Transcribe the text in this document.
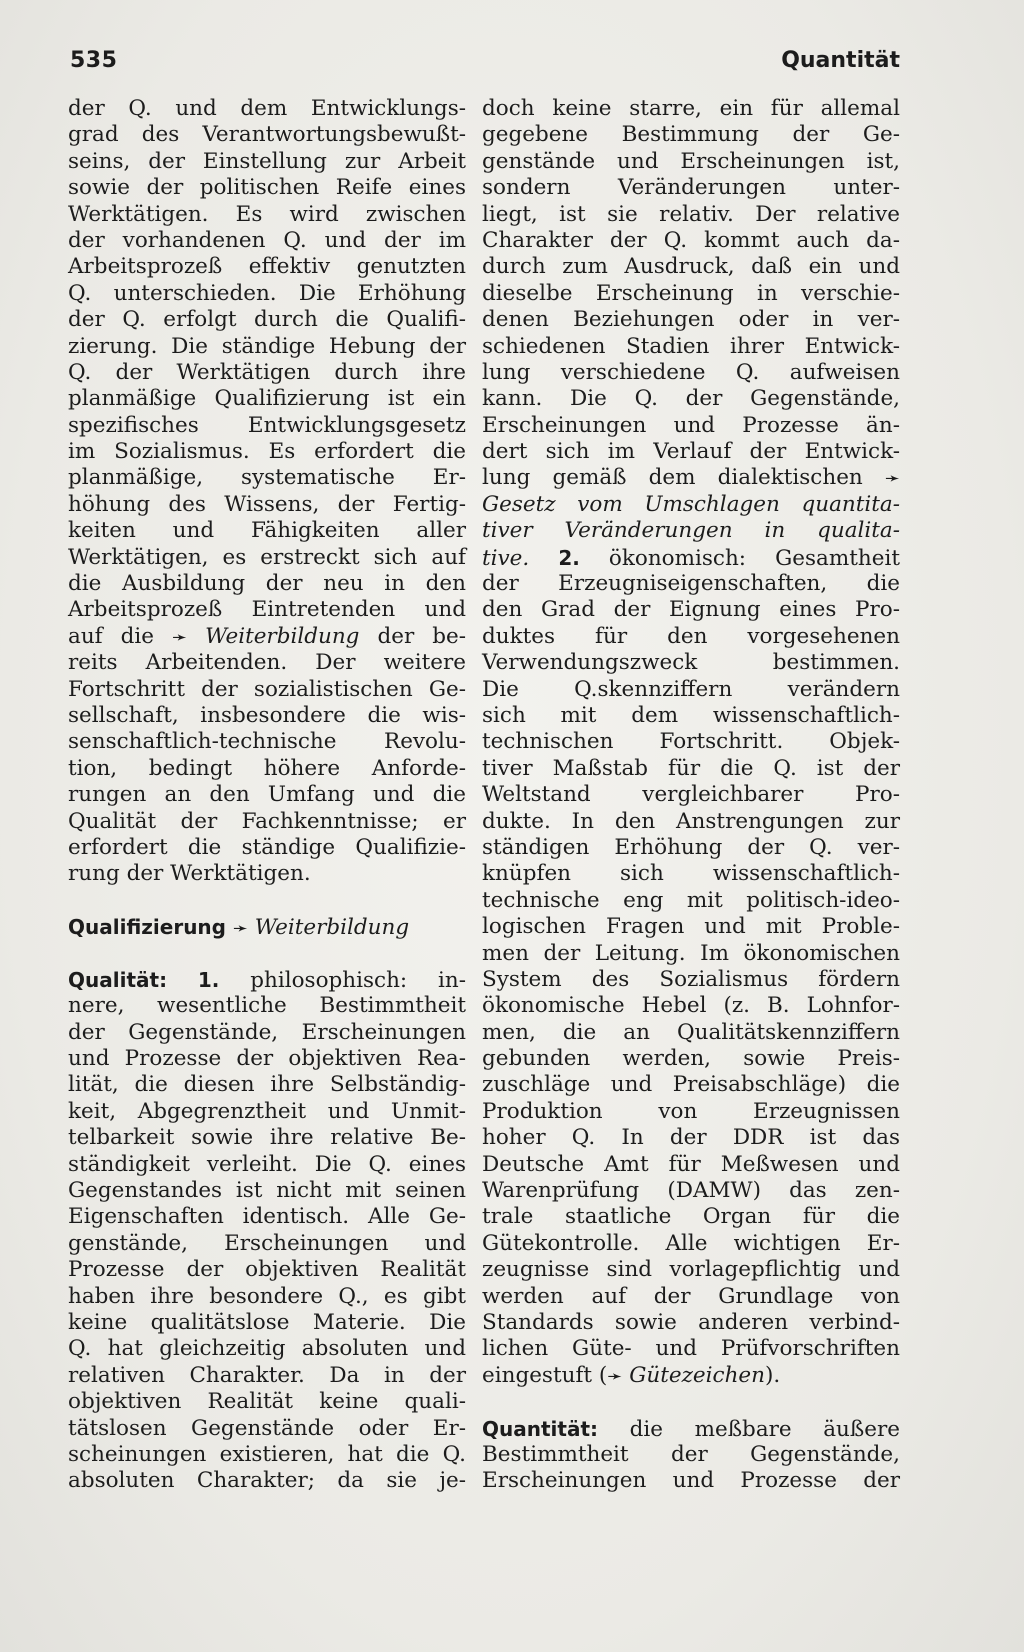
535	Quantität
der Q. und dem Entwicklungs-
grad des Verantwortungsbewußt-
seins, der Einstellung zur Arbeit
sowie der politischen Reife eines
Werktätigen. Es wird zwischen
der vorhandenen Q. und der im
Arbeitsprozeß effektiv genutzten
Q. unterschieden. Die Erhöhung
der Q. erfolgt durch die Qualifi-
zierung. Die ständige Hebung der
Q. der Werktätigen durch ihre
planmäßige Qualifizierung ist ein
spezifisches Entwicklungsgesetz
im Sozialismus. Es erfordert die
planmäßige, systematische Er-
höhung des Wissens, der Fertig-
keiten und Fähigkeiten aller
Werktätigen, es erstreckt sich auf
die Ausbildung der neu in den
Arbeitsprozeß Eintretenden und
auf die ➛ Weiterbildung der be-
reits Arbeitenden. Der weitere
Fortschritt der sozialistischen Ge-
sellschaft, insbesondere die wis-
senschaftlich-technische Revolu-
tion, bedingt höhere Anforde-
rungen an den Umfang und die
Qualität der Fachkenntnisse; er
erfordert die ständige Qualifizie-
rung der Werktätigen.
Qualifizierung ➛ Weiterbildung
Qualität: 1. philosophisch: in-
nere, wesentliche Bestimmtheit
der Gegenstände, Erscheinungen
und Prozesse der objektiven Rea-
lität, die diesen ihre Selbständig-
keit, Abgegrenztheit und Unmit-
telbarkeit sowie ihre relative Be-
ständigkeit verleiht. Die Q. eines
Gegenstandes ist nicht mit seinen
Eigenschaften identisch. Alle Ge-
genstände, Erscheinungen und
Prozesse der objektiven Realität
haben ihre besondere Q., es gibt
keine qualitätslose Materie. Die
Q. hat gleichzeitig absoluten und
relativen Charakter. Da in der
objektiven Realität keine quali-
tätslosen Gegenstände oder Er-
scheinungen existieren, hat die Q.
absoluten Charakter; da sie je-
doch keine starre, ein für allemal
gegebene Bestimmung der Ge-
genstände und Erscheinungen ist,
sondern Veränderungen unter-
liegt, ist sie relativ. Der relative
Charakter der Q. kommt auch da-
durch zum Ausdruck, daß ein und
dieselbe Erscheinung in verschie-
denen Beziehungen oder in ver-
schiedenen Stadien ihrer Entwick-
lung verschiedene Q. aufweisen
kann. Die Q. der Gegenstände,
Erscheinungen und Prozesse än-
dert sich im Verlauf der Entwick-
lung gemäß dem dialektischen ➛
Gesetz vom Umschlagen quantita-
tiver Veränderungen in qualita-
tive. 2. ökonomisch: Gesamtheit
der Erzeugniseigenschaften, die
den Grad der Eignung eines Pro-
duktes für den vorgesehenen
Verwendungszweck bestimmen.
Die Q.skennziffern verändern
sich mit dem wissenschaftlich-
technischen Fortschritt. Objek-
tiver Maßstab für die Q. ist der
Weltstand vergleichbarer Pro-
dukte. In den Anstrengungen zur
ständigen Erhöhung der Q. ver-
knüpfen sich wissenschaftlich-
technische eng mit politisch-ideo-
logischen Fragen und mit Proble-
men der Leitung. Im ökonomischen
System des Sozialismus fördern
ökonomische Hebel (z. B. Lohnfor-
men, die an Qualitätskennziffern
gebunden werden, sowie Preis-
zuschläge und Preisabschläge) die
Produktion von Erzeugnissen
hoher Q. In der DDR ist das
Deutsche Amt für Meßwesen und
Warenprüfung (DAMW) das zen-
trale staatliche Organ für die
Gütekontrolle. Alle wichtigen Er-
zeugnisse sind vorlagepflichtig und
werden auf der Grundlage von
Standards sowie anderen verbind-
lichen Güte- und Prüfvorschriften
eingestuft (➛ Gütezeichen).
Quantität: die meßbare äußere
Bestimmtheit der Gegenstände,
Erscheinungen und Prozesse der
